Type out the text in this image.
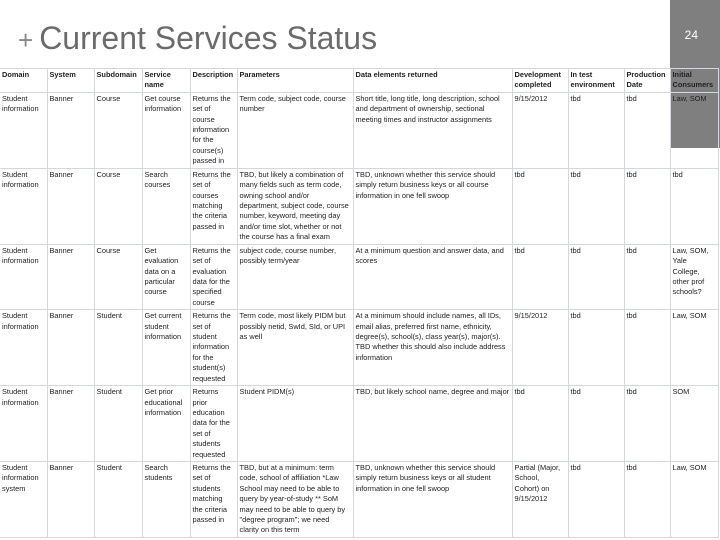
24
+ Current Services Status
Domain	System	Subdomain	Service name	Description	Parameters	Data elements returned	Development completed	In test environment	Production Date	Initial Consumers
Student information	Banner	Course	Get course information	Returns the set of course information for the course(s) passed in	Term code, subject code, course number	Short title, long title, long description, school and department of ownership, sectional meeting times and instructor assignments	9/15/2012	tbd	tbd	Law, SOM
Student information	Banner	Course	Search courses	Returns the set of courses matching the criteria passed in	TBD, but likely a combination of many fields such as term code, owning school and/or department, subject code, course number, keyword, meeting day and/or time slot, whether or not the course has a final exam	TBD, unknown whether this service should simply return business keys or all course information in one fell swoop	tbd	tbd	tbd	tbd
Student information	Banner	Course	Get evaluation data on a particular course	Returns the set of evaluation data for the specified course	subject code, course number, possibly term/year	At a minimum question and answer data, and scores	tbd	tbd	tbd	Law, SOM, Yale College, other prof schools?
Student information	Banner	Student	Get current student information	Returns the set of student information for the student(s) requested	Term code, most likely PIDM but possibly netid, SwId, SId, or UPI as well	At a minimum should include names, all IDs, email alias, preferred first name, ethnicity, degree(s), school(s), class year(s), major(s). TBD whether this should also include address information	9/15/2012	tbd	tbd	Law, SOM
Student information	Banner	Student	Get prior educational information	Returns prior education data for the set of students requested	Student PIDM(s)	TBD, but likely school name, degree and major	tbd	tbd	tbd	SOM
Student information system	Banner	Student	Search students	Returns the set of students matching the criteria passed in	TBD, but at a minimum: term code, school of affiliation *Law School may need to be able to query by year-of-study ** SoM may need to be able to query by "degree program"; we need clarity on this term	TBD, unknown whether this service should simply return business keys or all student information in one fell swoop	Partial (Major, School, Cohort) on 9/15/2012	tbd	tbd	Law, SOM
